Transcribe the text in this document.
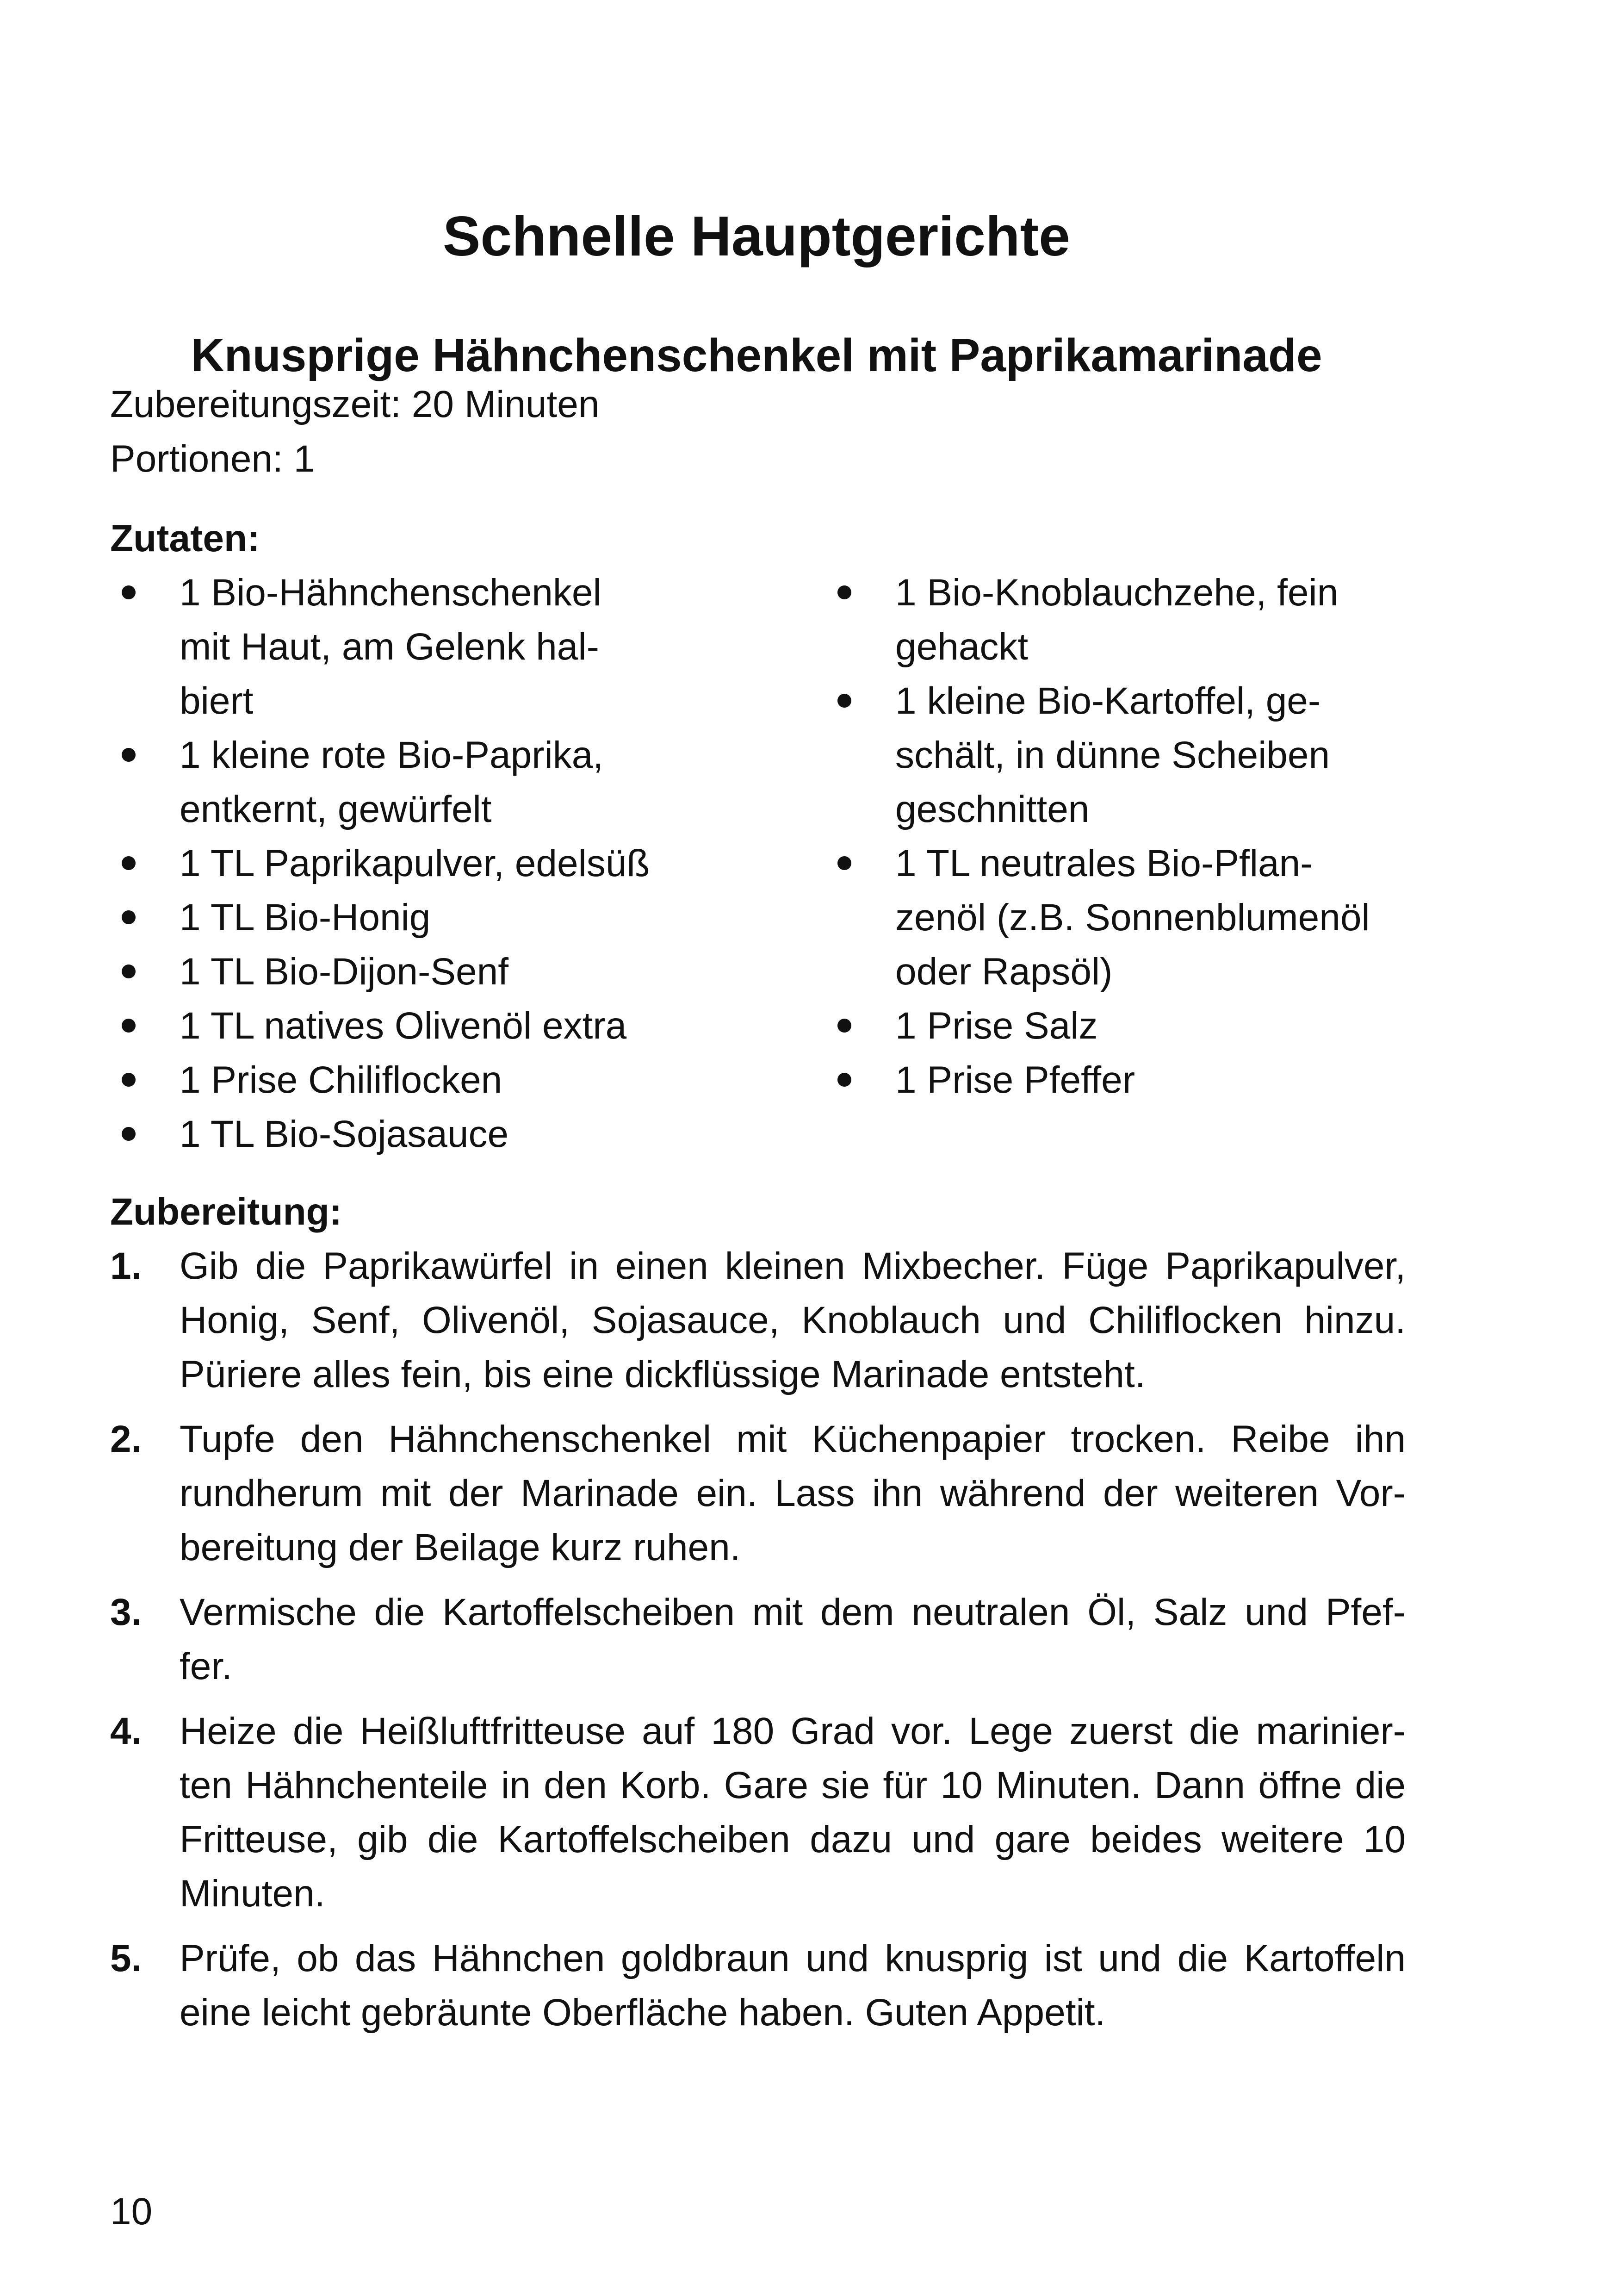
Schnelle Hauptgerichte
Knusprige Hähnchenschenkel mit Paprikamarinade
Zubereitungszeit: 20 Minuten
Portionen: 1
Zutaten:
1 Bio-Hähnchenschenkel
mit Haut, am Gelenk hal-
biert
1 kleine rote Bio-Paprika,
entkernt, gewürfelt
1 TL Paprikapulver, edelsüß
1 TL Bio-Honig
1 TL Bio-Dijon-Senf
1 TL natives Olivenöl extra
1 Prise Chiliflocken
1 TL Bio-Sojasauce
1 Bio-Knoblauchzehe, fein
gehackt
1 kleine Bio-Kartoffel, ge-
schält, in dünne Scheiben
geschnitten
1 TL neutrales Bio-Pflan-
zenöl (z.B. Sonnenblumenöl
oder Rapsöl)
1 Prise Salz
1 Prise Pfeffer
Zubereitung:
1. Gib die Paprikawürfel in einen kleinen Mixbecher. Füge Paprikapulver,
Honig, Senf, Olivenöl, Sojasauce, Knoblauch und Chiliflocken hinzu.
Püriere alles fein, bis eine dickflüssige Marinade entsteht.
2. Tupfe den Hähnchenschenkel mit Küchenpapier trocken. Reibe ihn
rundherum mit der Marinade ein. Lass ihn während der weiteren Vor-
bereitung der Beilage kurz ruhen.
3. Vermische die Kartoffelscheiben mit dem neutralen Öl, Salz und Pfef-
fer.
4. Heize die Heißluftfritteuse auf 180 Grad vor. Lege zuerst die marinier-
ten Hähnchenteile in den Korb. Gare sie für 10 Minuten. Dann öffne die
Fritteuse, gib die Kartoffelscheiben dazu und gare beides weitere 10
Minuten.
5. Prüfe, ob das Hähnchen goldbraun und knusprig ist und die Kartoffeln
eine leicht gebräunte Oberfläche haben. Guten Appetit.
10
